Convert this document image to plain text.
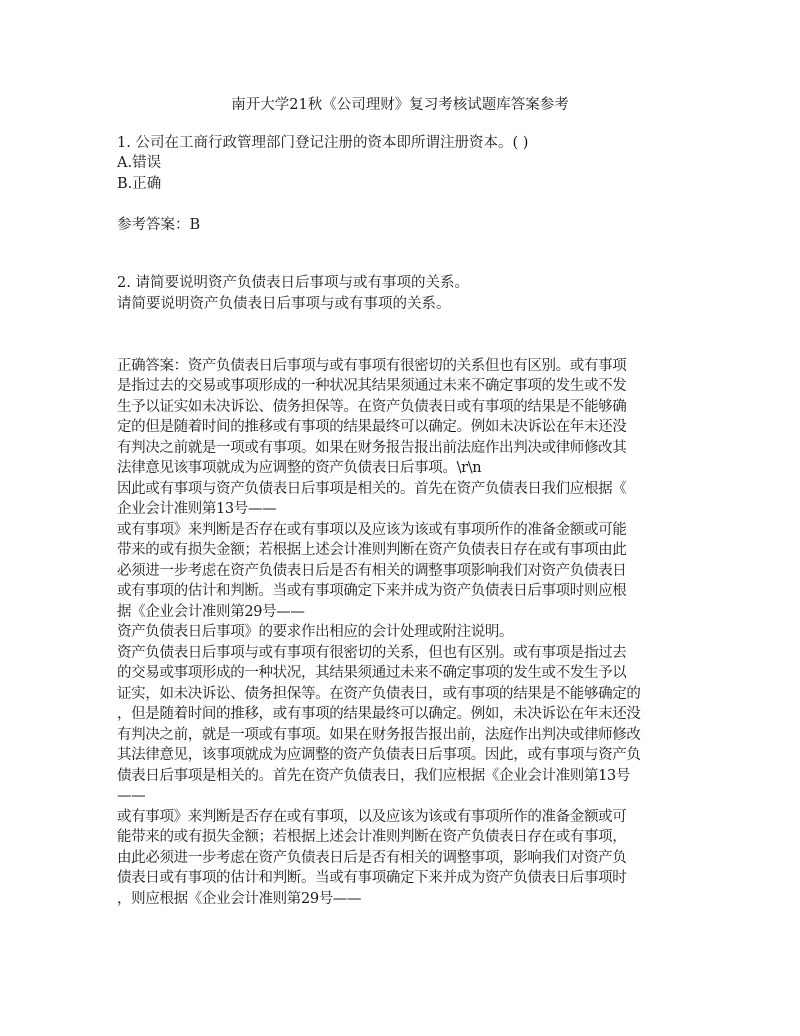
南开大学21秋《公司理财》复习考核试题库答案参考
1. 公司在工商行政管理部门登记注册的资本即所谓注册资本。( )
A.错误
B.正确
参考答案：B
2. 请简要说明资产负债表日后事项与或有事项的关系。
请简要说明资产负债表日后事项与或有事项的关系。
正确答案：资产负债表日后事项与或有事项有很密切的关系但也有区别。或有事项
是指过去的交易或事项形成的一种状况其结果须通过未来不确定事项的发生或不发
生予以证实如未决诉讼、债务担保等。在资产负债表日或有事项的结果是不能够确
定的但是随着时间的推移或有事项的结果最终可以确定。例如未决诉讼在年末还没
有判决之前就是一项或有事项。如果在财务报告报出前法庭作出判决或律师修改其
法律意见该事项就成为应调整的资产负债表日后事项。\r\n
因此或有事项与资产负债表日后事项是相关的。首先在资产负债表日我们应根据《
企业会计准则第13号——
或有事项》来判断是否存在或有事项以及应该为该或有事项所作的准备金额或可能
带来的或有损失金额；若根据上述会计准则判断在资产负债表日存在或有事项由此
必须进一步考虑在资产负债表日后是否有相关的调整事项影响我们对资产负债表日
或有事项的估计和判断。当或有事项确定下来并成为资产负债表日后事项时则应根
据《企业会计准则第29号——
资产负债表日后事项》的要求作出相应的会计处理或附注说明。
资产负债表日后事项与或有事项有很密切的关系，但也有区别。或有事项是指过去
的交易或事项形成的一种状况，其结果须通过未来不确定事项的发生或不发生予以
证实，如未决诉讼、债务担保等。在资产负债表日，或有事项的结果是不能够确定的
，但是随着时间的推移，或有事项的结果最终可以确定。例如，未决诉讼在年末还没
有判决之前，就是一项或有事项。如果在财务报告报出前，法庭作出判决或律师修改
其法律意见，该事项就成为应调整的资产负债表日后事项。因此，或有事项与资产负
债表日后事项是相关的。首先在资产负债表日，我们应根据《企业会计准则第13号
——
或有事项》来判断是否存在或有事项，以及应该为该或有事项所作的准备金额或可
能带来的或有损失金额；若根据上述会计准则判断在资产负债表日存在或有事项，
由此必须进一步考虑在资产负债表日后是否有相关的调整事项，影响我们对资产负
债表日或有事项的估计和判断。当或有事项确定下来并成为资产负债表日后事项时
，则应根据《企业会计准则第29号——
